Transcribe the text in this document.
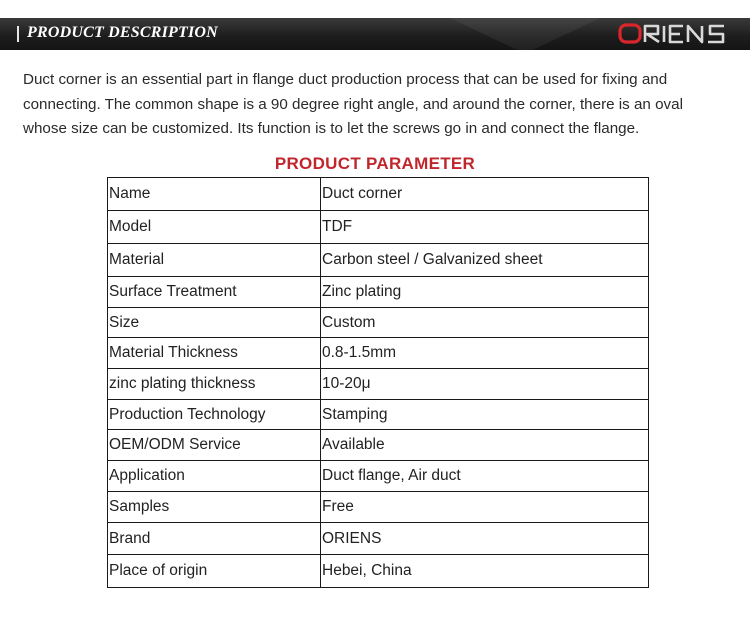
PRODUCT DESCRIPTION
Duct corner is an essential part in flange duct production process that can be used for fixing and
connecting. The common shape is a 90 degree right angle, and around the corner, there is an oval
whose size can be customized. Its function is to let the screws go in and connect the flange.
PRODUCT PARAMETER
Name	Duct corner
Model	TDF
Material	Carbon steel / Galvanized sheet
Surface Treatment	Zinc plating
Size	Custom
Material Thickness	0.8-1.5mm
zinc plating thickness	10-20μ
Production Technology	Stamping
OEM/ODM Service	Available
Application	Duct flange, Air duct
Samples	Free
Brand	ORIENS
Place of origin	Hebei, China
